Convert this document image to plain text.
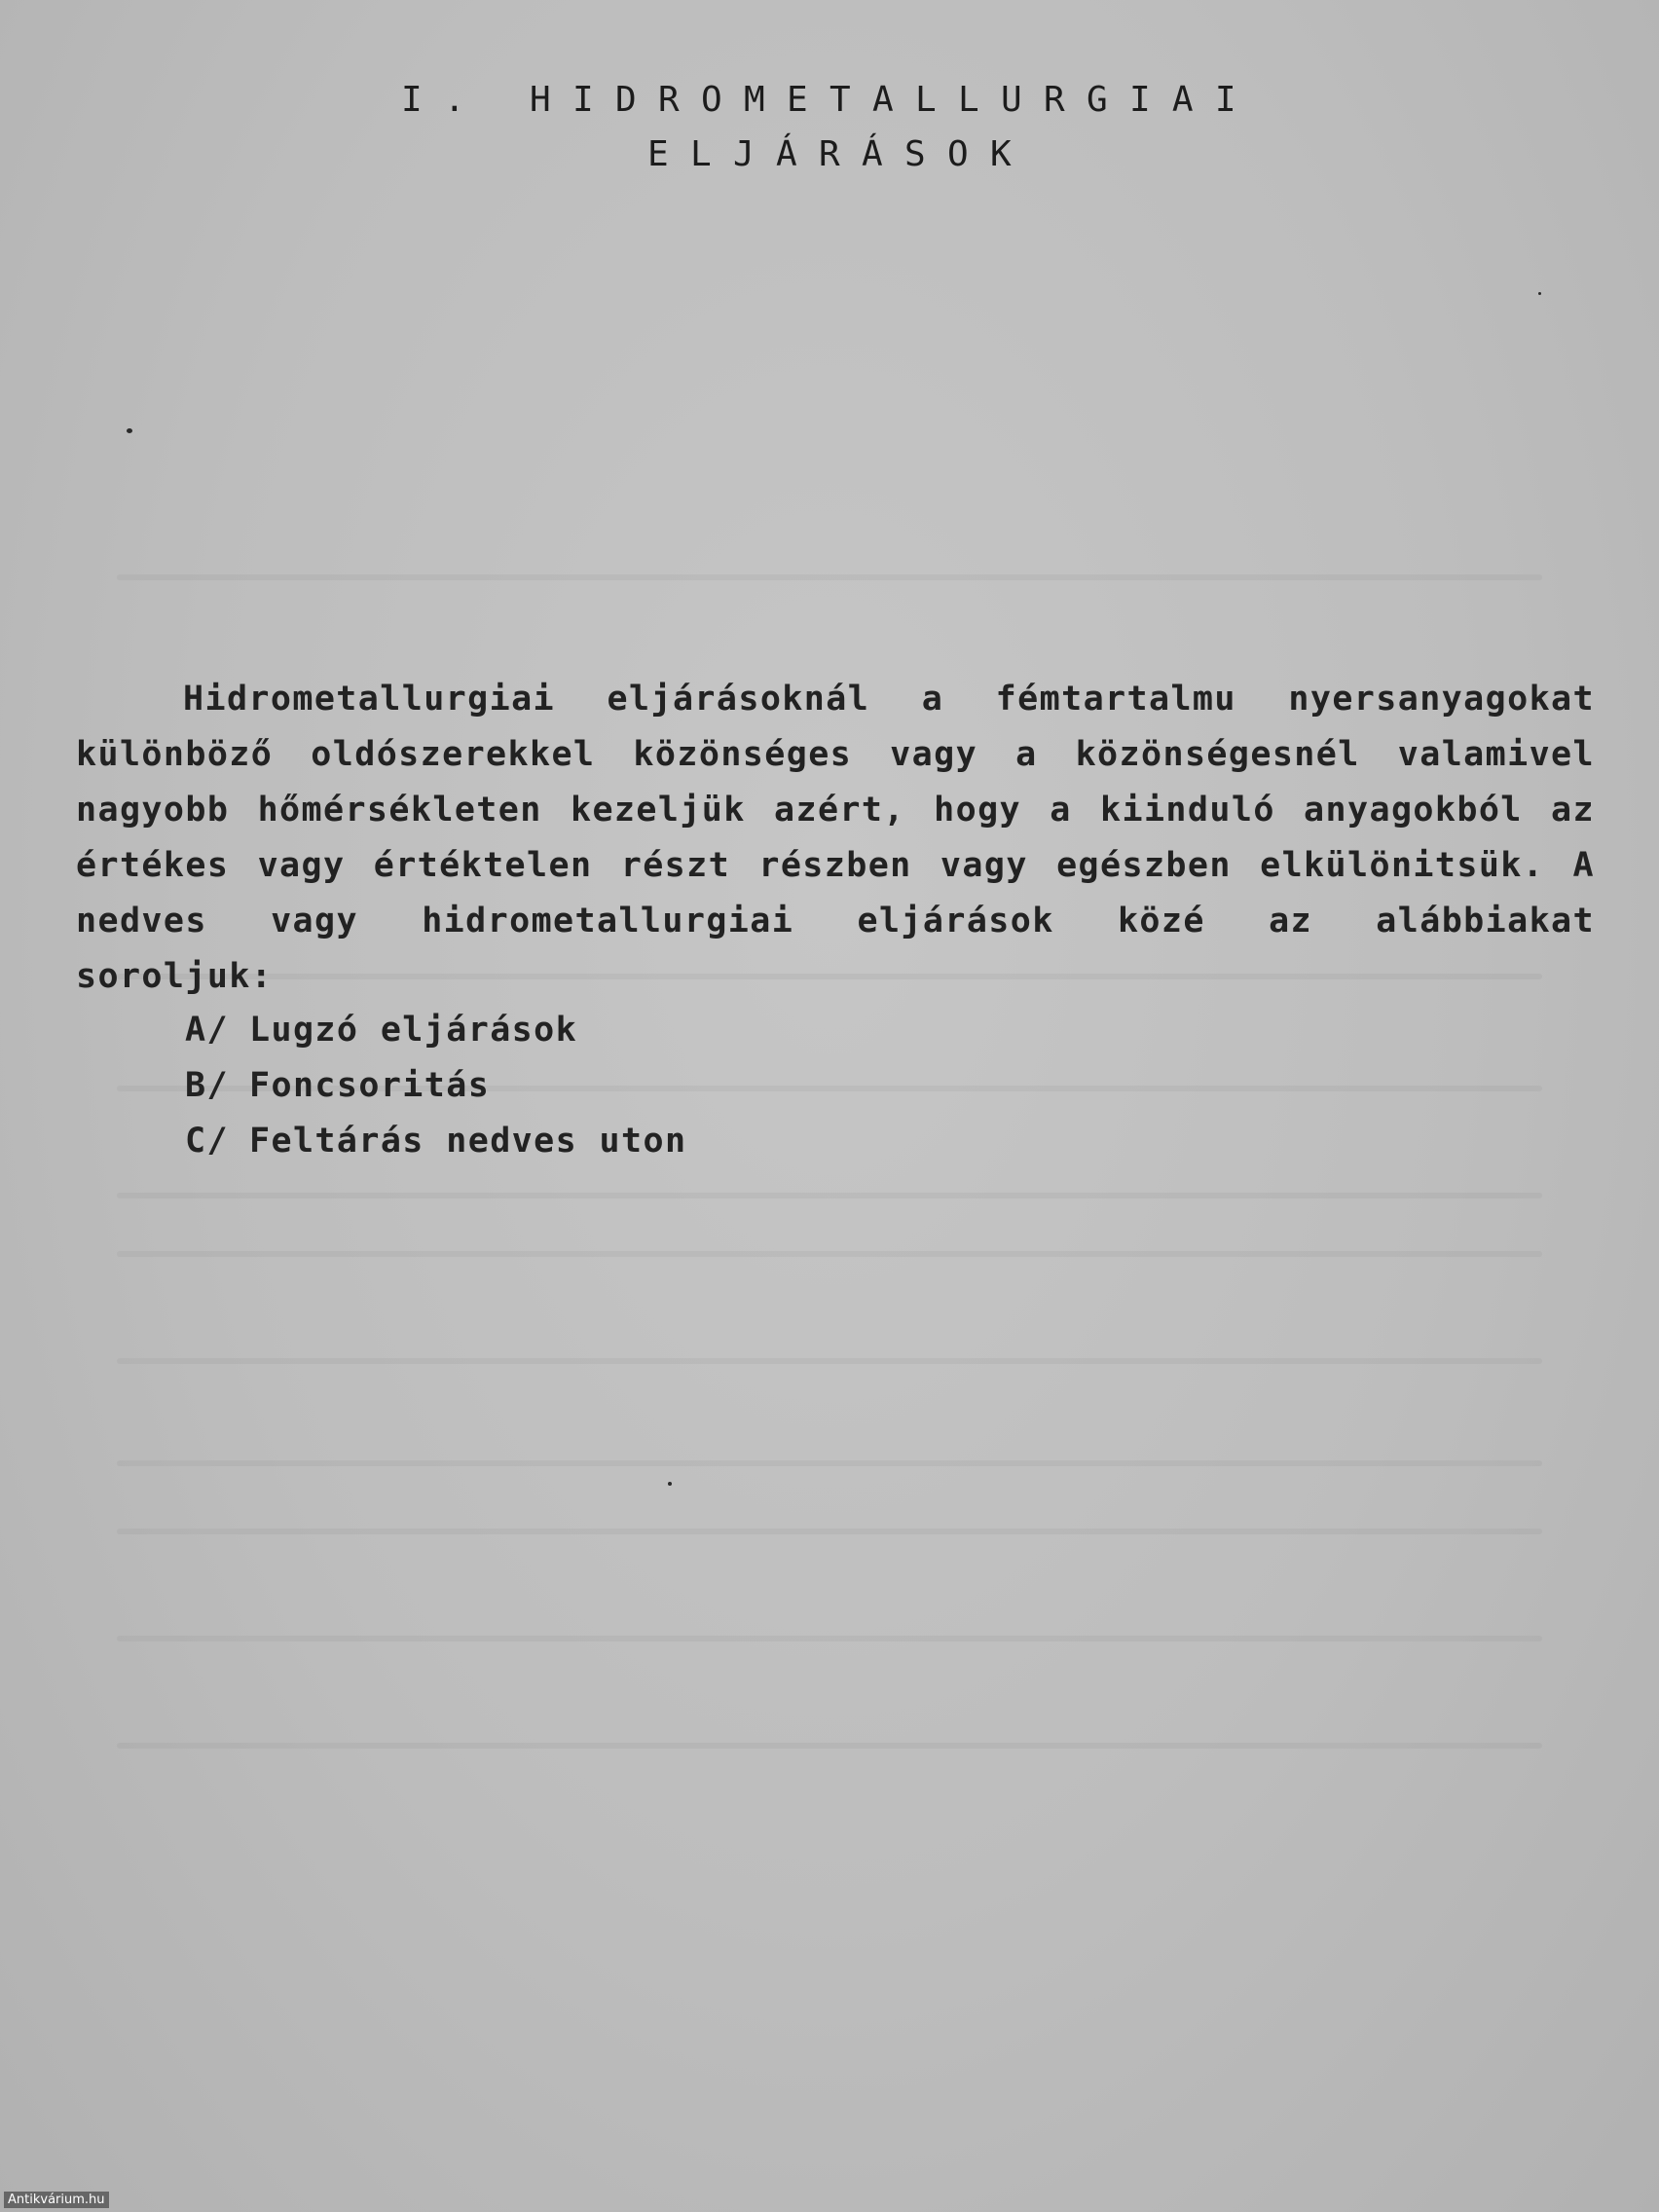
I. HIDROMETALLURGIAI
ELJÁRÁSOK

Hidrometallurgiai eljárásoknál a fémtartalmu nyersanyagokat különböző oldószerekkel közönséges vagy a közönségesnél valamivel nagyobb hőmérsékleten kezeljük azért, hogy a kiinduló anyagokból az értékes vagy értéktelen részt részben vagy egészben elkülönitsük. A nedves vagy hidrometallurgiai eljárások közé az alábbiakat soroljuk:

A/ Lugzó eljárások
B/ Foncsoritás
C/ Feltárás nedves uton
Antikvárium.hu
